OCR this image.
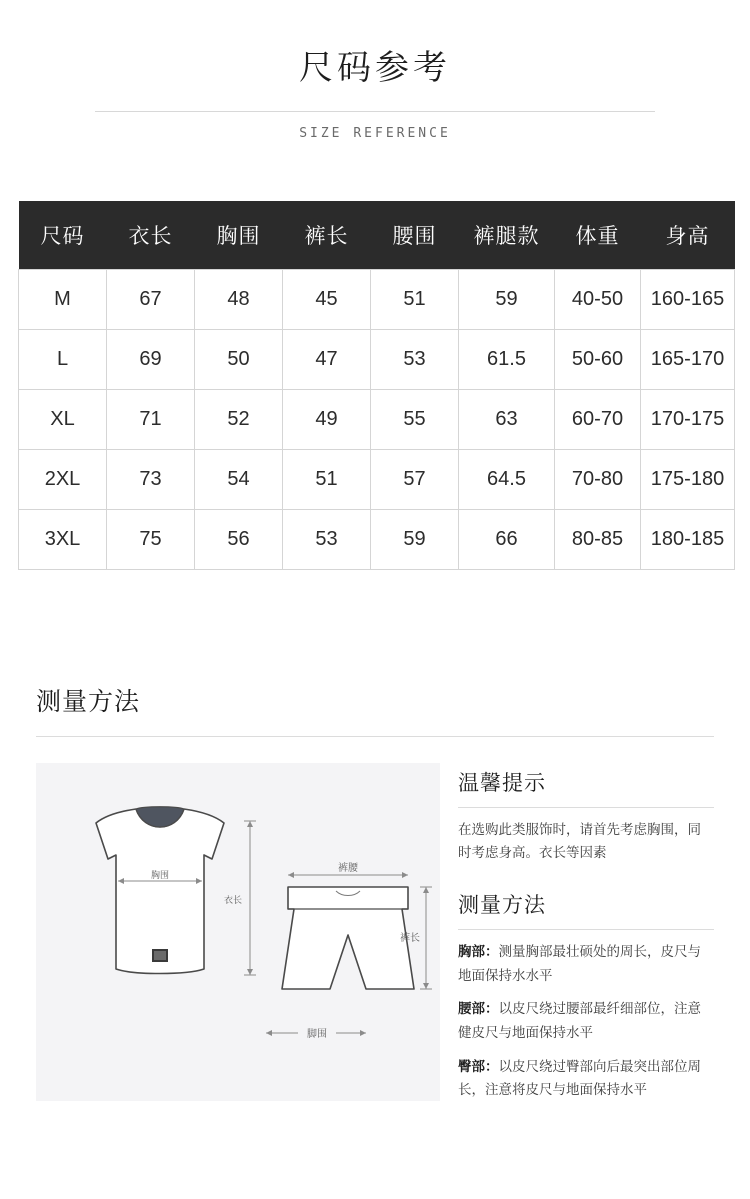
尺码参考
SIZE REFERENCE
尺码	衣长	胸围	裤长	腰围	裤腿款	体重	身高
M	67	48	45	51	59	40-50	160-165
L	69	50	47	53	61.5	50-60	165-170
XL	71	52	49	55	63	60-70	170-175
2XL	73	54	51	57	64.5	70-80	175-180
3XL	75	56	53	59	66	80-85	180-185
测量方法
胸围
衣长
裤腰
裤长
脚围
温馨提示

在选购此类服饰时，请首先考虑胸围，同时考虑身高。衣长等因素

测量方法
胸部：测量胸部最壮硕处的周长，皮尺与地面保持水水平
腰部：以皮尺绕过腰部最纤细部位，注意健皮尺与地面保持水平
臀部：以皮尺绕过臀部向后最突出部位周长，注意将皮尺与地面保持水平
